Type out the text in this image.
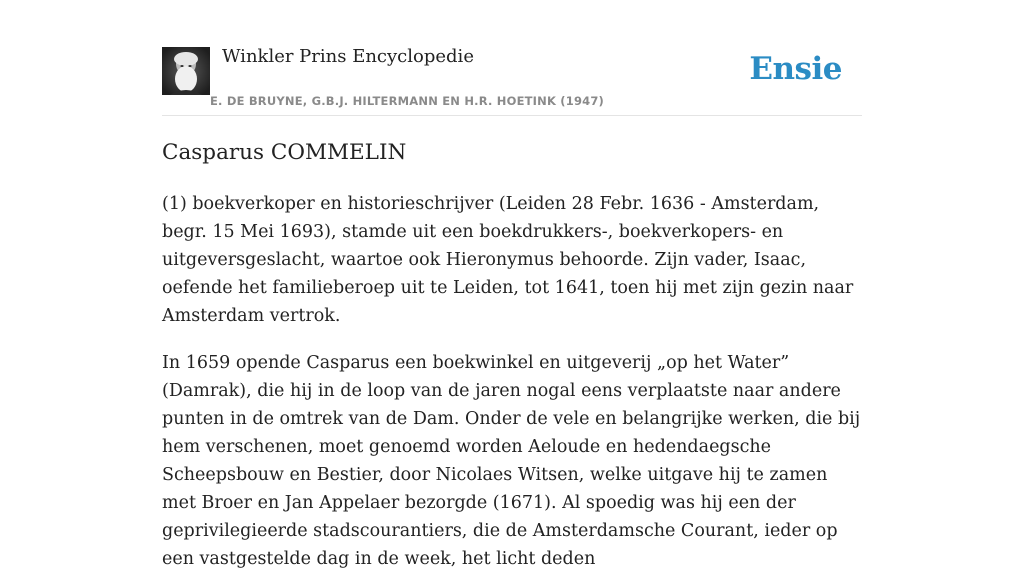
Winkler Prins Encyclopedie
E. DE BRUYNE, G.B.J. HILTERMANN EN H.R. HOETINK (1947)
Ensie
Casparus COMMELIN

(1) boekverkoper en historieschrijver (Leiden 28 Febr. 1636 - Amsterdam, begr. 15 Mei 1693), stamde uit een boekdrukkers-, boekverkopers- en uitgeversgeslacht, waartoe ook Hieronymus behoorde. Zijn vader, Isaac, oefende het familieberoep uit te Leiden, tot 1641, toen hij met zijn gezin naar Amsterdam vertrok.

In 1659 opende Casparus een boekwinkel en uitgeverij „op het Water” (Damrak), die hij in de loop van de jaren nogal eens verplaatste naar andere punten in de omtrek van de Dam. Onder de vele en belangrijke werken, die bij hem verschenen, moet genoemd worden Aeloude en hedendaegsche Scheepsbouw en Bestier, door Nicolaes Witsen, welke uitgave hij te zamen met Broer en Jan Appelaer bezorgde (1671). Al spoedig was hij een der geprivilegieerde stadscourantiers, die de Amsterdamsche Courant, ieder op een vastgestelde dag in de week, het licht deden
